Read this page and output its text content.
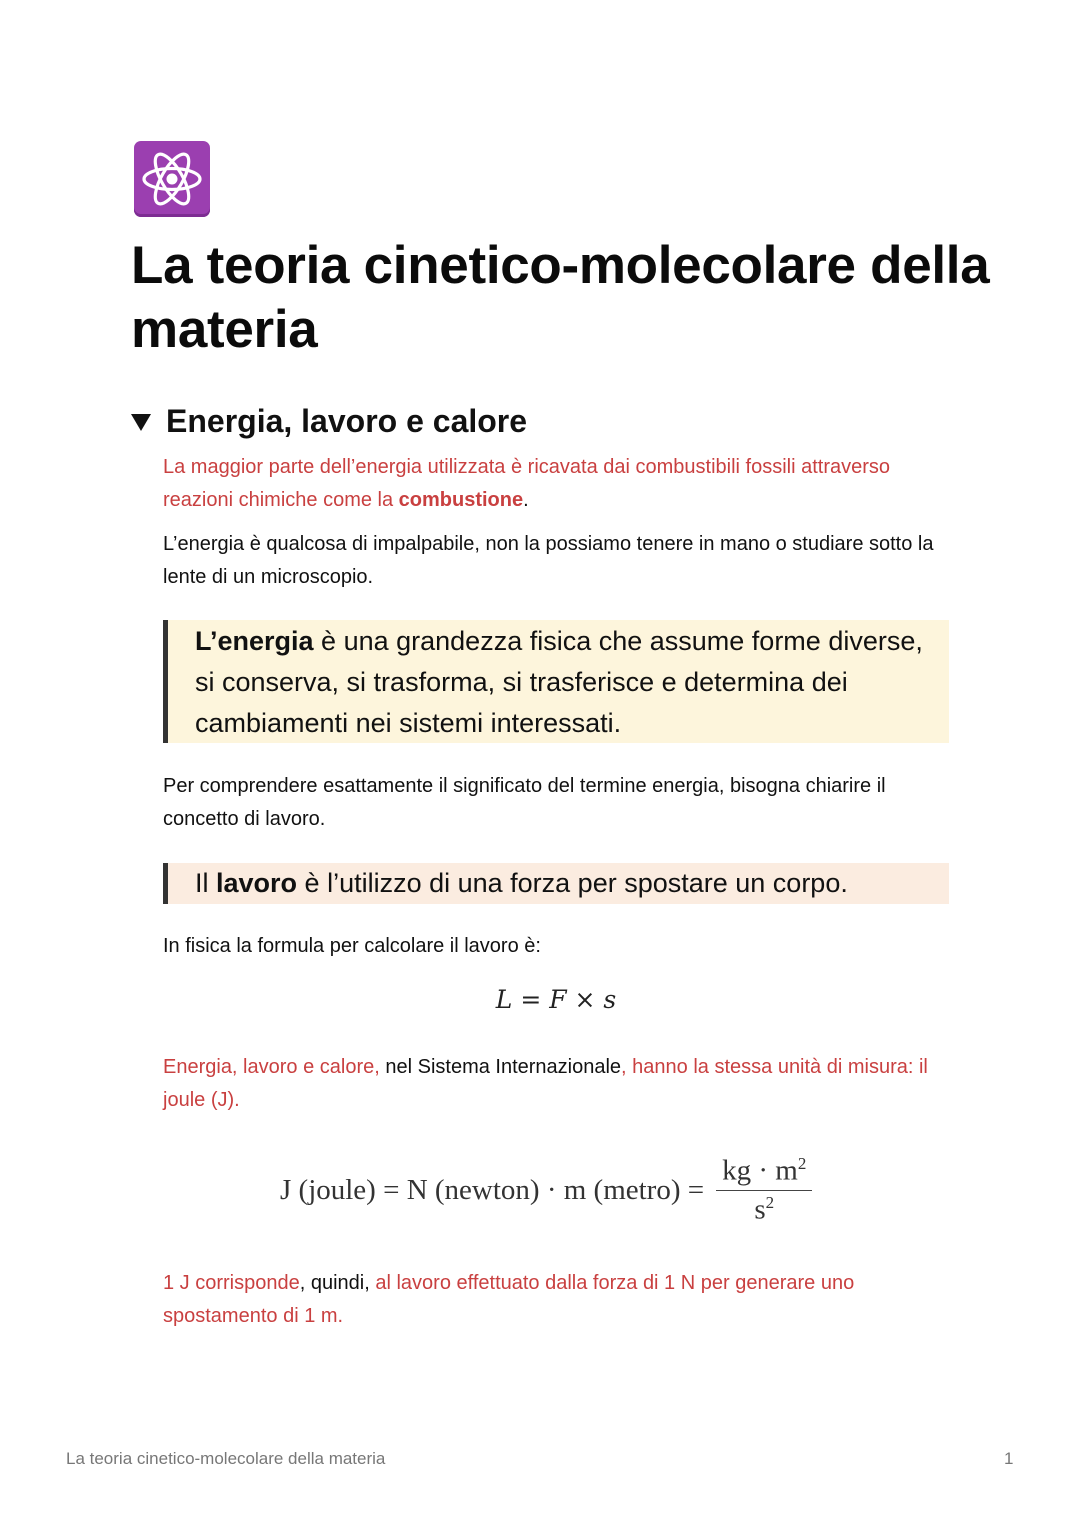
La teoria cinetico-molecolare della materia
Energia, lavoro e calore

La maggior parte dell’energia utilizzata è ricavata dai combustibili fossili attraverso reazioni chimiche come la combustione.

L’energia è qualcosa di impalpabile, non la possiamo tenere in mano o studiare sotto la lente di un microscopio.

L’energia è una grandezza fisica che assume forme diverse, si conserva, si trasforma, si trasferisce e determina dei cambiamenti nei sistemi interessati.

Per comprendere esattamente il significato del termine energia, bisogna chiarire il concetto di lavoro.

Il lavoro è l’utilizzo di una forza per spostare un corpo.

In fisica la formula per calcolare il lavoro è:

L = F × s

Energia, lavoro e calore, nel Sistema Internazionale, hanno la stessa unità di misura: il joule (J).

J (joule) = N (newton) · m (metro) = $\frac{kg \cdot m^2}{s^2}$

1 J corrisponde, quindi, al lavoro effettuato dalla forza di 1 N per generare uno spostamento di 1 m.

La teoria cinetico-molecolare della materia	1
